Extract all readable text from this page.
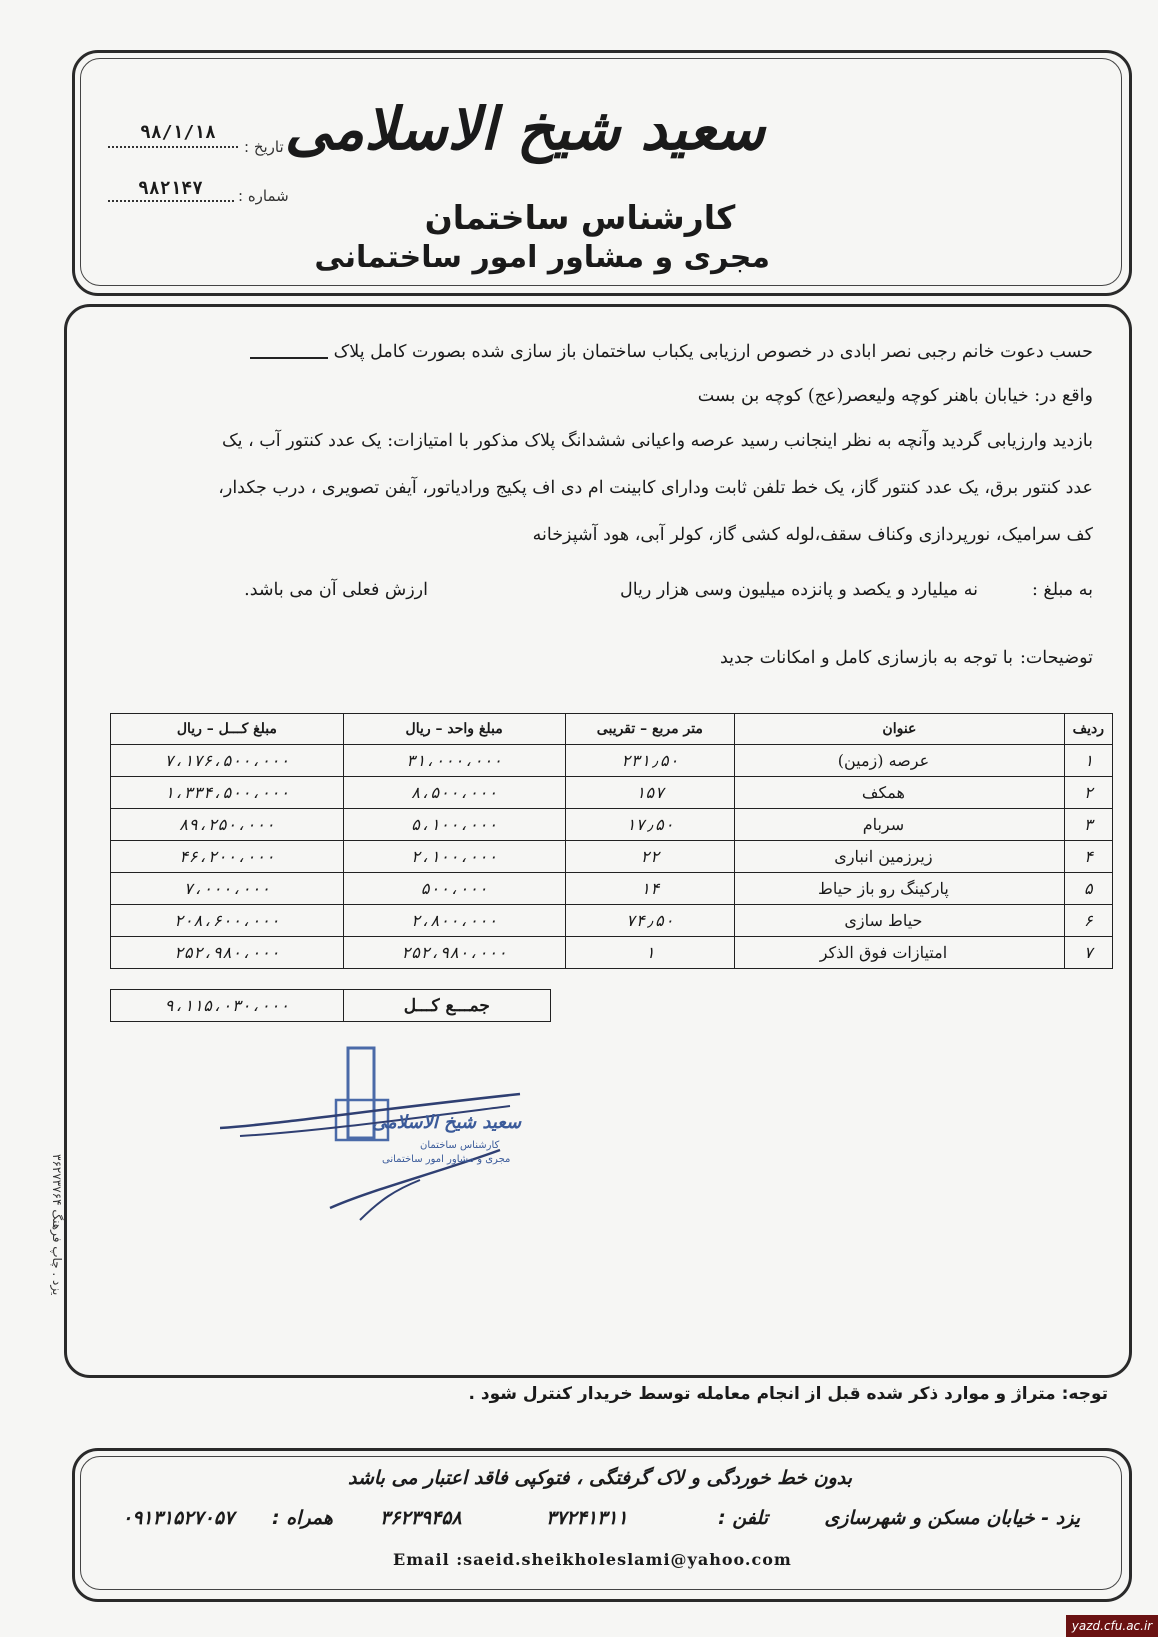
سعید شیخ الاسلامی
کارشناس ساختمان
مجری و مشاور امور ساختمانی
تاریخ :
۹۸/۱/۱۸
شماره :
۹۸۲۱۴۷
حسب دعوت خانم رجبی نصر ابادی در خصوص ارزیابی یکباب ساختمان باز سازی شده بصورت کامل پلاک
واقع در: خیابان باهنر کوچه ولیعصر(عج) کوچه بن بست
بازدید وارزیابی گردید وآنچه به نظر اینجانب رسید عرصه واعیانی ششدانگ پلاک مذکور با امتیازات: یک عدد کنتور آب ، یک
عدد کنتور برق، یک عدد کنتور گاز، یک خط تلفن ثابت ودارای کابینت ام دی اف پکیج ورادیاتور، آیفن تصویری ، درب جکدار،
کف سرامیک، نورپردازی وکناف سقف،لوله کشی گاز، کولر آبی، هود آشپزخانه
به مبلغ :
نه میلیارد و یکصد و پانزده میلیون وسی هزار ریال
ارزش فعلی آن می باشد.
توضیحات:
با توجه به بازسازی کامل و امکانات جدید
ردیف	عنوان	متر مربع – تقریبی	مبلغ واحد – ریال	مبلغ کـــل – ریال
۱	عرصه (زمین)	۲۳۱٫۵۰	۳۱،۰۰۰،۰۰۰	۷،۱۷۶،۵۰۰،۰۰۰
۲	همکف	۱۵۷	۸،۵۰۰،۰۰۰	۱،۳۳۴،۵۰۰،۰۰۰
۳	سربام	۱۷٫۵۰	۵،۱۰۰،۰۰۰	۸۹،۲۵۰،۰۰۰
۴	زیرزمین انباری	۲۲	۲،۱۰۰،۰۰۰	۴۶،۲۰۰،۰۰۰
۵	پارکینگ رو باز حیاط	۱۴	۵۰۰،۰۰۰	۷،۰۰۰،۰۰۰
۶	حیاط سازی	۷۴٫۵۰	۲،۸۰۰،۰۰۰	۲۰۸،۶۰۰،۰۰۰
۷	امتیازات فوق الذکر	۱	۲۵۲،۹۸۰،۰۰۰	۲۵۲،۹۸۰،۰۰۰
جمـــع کـــل	۹،۱۱۵،۰۳۰،۰۰۰
سعید شیخ الاسلامی
کارشناس ساختمان
مجری و مشاور امور ساختمانی
یزد . چاپ فرهنگ ۳۶۲۷۳۷۶۴
توجه: متراژ و موارد ذکر شده قبل از انجام معامله توسط خریدار کنترل شود .
بدون خط خوردگی و لاک گرفتگی ، فتوکپی فاقد اعتبار می باشد
یزد - خیابان مسکن و شهرسازی
تلفن :
۳۷۲۴۱۳۱۱
۳۶۲۳۹۴۵۸
همراه :
۰۹۱۳۱۵۲۷۰۵۷
Email :saeid.sheikholeslami@yahoo.com
yazd.cfu.ac.ir
